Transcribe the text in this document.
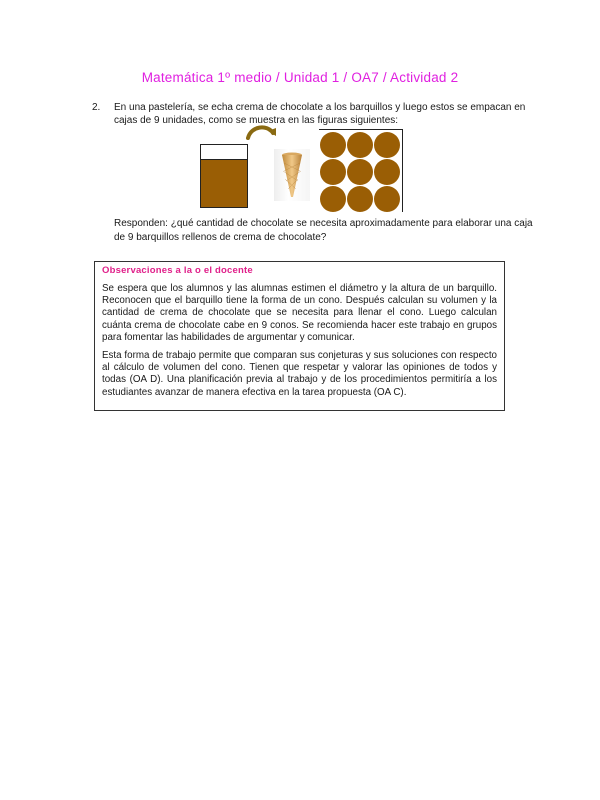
Matemática 1º medio / Unidad 1 / OA7 / Actividad 2
2. En una pastelería, se echa crema de chocolate a los barquillos y luego estos se empacan en cajas de 9 unidades, como se muestra en las figuras siguientes:
Responden: ¿qué cantidad de chocolate se necesita aproximadamente para elaborar una caja de 9 barquillos rellenos de crema de chocolate?
Observaciones a la o el docente

Se espera que los alumnos y las alumnas estimen el diámetro y la altura de un barquillo. Reconocen que el barquillo tiene la forma de un cono. Después calculan su volumen y la cantidad de crema de chocolate que se necesita para llenar el cono. Luego calculan cuánta crema de chocolate cabe en 9 conos. Se recomienda hacer este trabajo en grupos para fomentar las habilidades de argumentar y comunicar.

Esta forma de trabajo permite que comparan sus conjeturas y sus soluciones con respecto al cálculo de volumen del cono. Tienen que respetar y valorar las opiniones de todos y todas (OA D). Una planificación previa al trabajo y de los procedimientos permitiría a los estudiantes avanzar de manera efectiva en la tarea propuesta (OA C).
